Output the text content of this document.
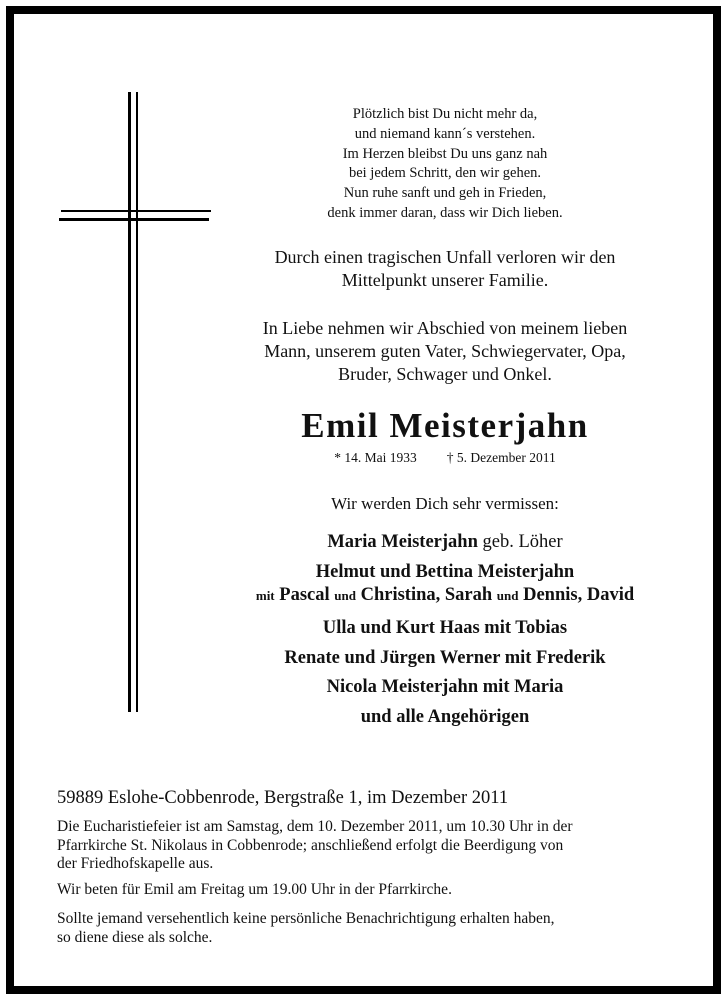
Plötzlich bist Du nicht mehr da,
und niemand kann´s verstehen.
Im Herzen bleibst Du uns ganz nah
bei jedem Schritt, den wir gehen.
Nun ruhe sanft und geh in Frieden,
denk immer daran, dass wir Dich lieben.
Durch einen tragischen Unfall verloren wir den
Mittelpunkt unserer Familie.
In Liebe nehmen wir Abschied von meinem lieben
Mann, unserem guten Vater, Schwiegervater, Opa,
Bruder, Schwager und Onkel.
Emil Meisterjahn
* 14. Mai 1933 † 5. Dezember 2011
Wir werden Dich sehr vermissen:
Maria Meisterjahn geb. Löher
Helmut und Bettina Meisterjahn
mit Pascal und Christina, Sarah und Dennis, David
Ulla und Kurt Haas mit Tobias
Renate und Jürgen Werner mit Frederik
Nicola Meisterjahn mit Maria
und alle Angehörigen
59889 Eslohe-Cobbenrode, Bergstraße 1, im Dezember 2011
Die Eucharistiefeier ist am Samstag, dem 10. Dezember 2011, um 10.30 Uhr in der
Pfarrkirche St. Nikolaus in Cobbenrode; anschließend erfolgt die Beerdigung von
der Friedhofskapelle aus.
Wir beten für Emil am Freitag um 19.00 Uhr in der Pfarrkirche.
Sollte jemand versehentlich keine persönliche Benachrichtigung erhalten haben,
so diene diese als solche.
